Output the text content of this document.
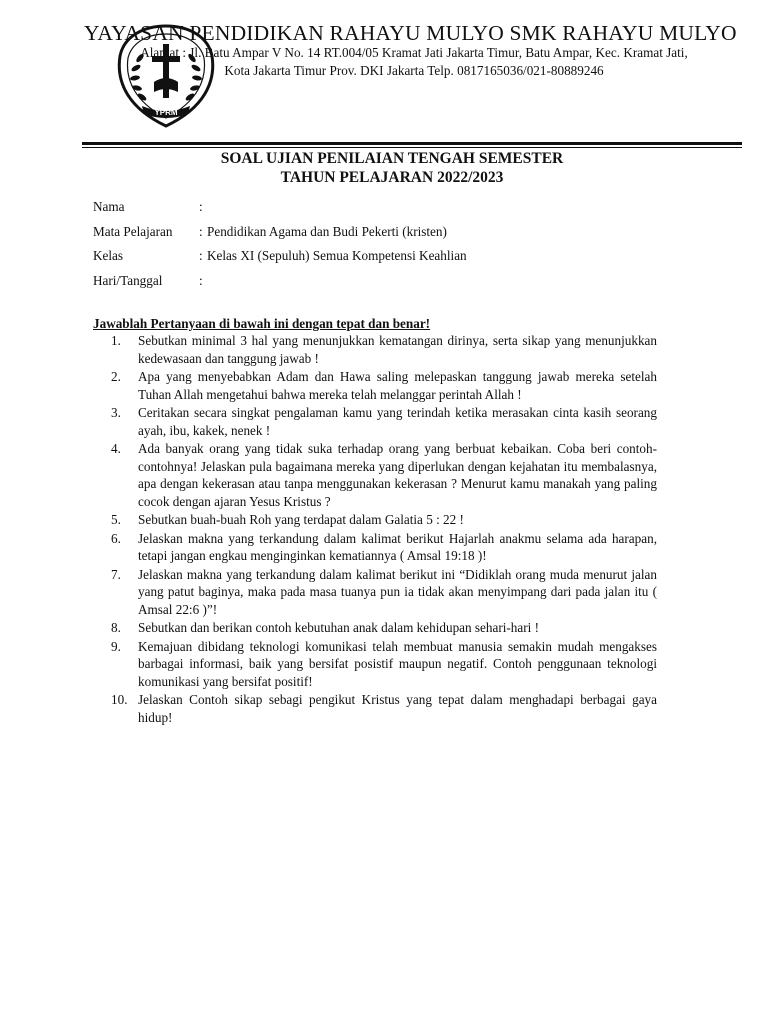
YPRM
YAYASAN PENDIDIKAN RAHAYU MULYO SMK RAHAYU MULYO
Alamat : Jl. Batu Ampar V No. 14 RT.004/05 Kramat Jati Jakarta Timur, Batu Ampar, Kec. Kramat Jati,
Kota Jakarta Timur Prov. DKI Jakarta Telp. 0817165036/021-80889246
SOAL UJIAN PENILAIAN TENGAH SEMESTER
TAHUN PELAJARAN 2022/2023
Nama	:
Mata Pelajaran	: Pendidikan Agama dan Budi Pekerti (kristen)
Kelas	: Kelas XI (Sepuluh) Semua Kompetensi Keahlian
Hari/Tanggal	:
Jawablah Pertanyaan di bawah ini dengan tepat dan benar!
1.	Sebutkan minimal 3 hal yang menunjukkan kematangan dirinya, serta sikap yang menunjukkan kedewasaan dan tanggung jawab !
2.	Apa yang menyebabkan Adam dan Hawa saling melepaskan tanggung jawab mereka setelah Tuhan Allah mengetahui bahwa mereka telah melanggar perintah Allah !
3.	Ceritakan secara singkat pengalaman kamu yang terindah ketika merasakan cinta kasih seorang ayah, ibu, kakek, nenek !
4.	Ada banyak orang yang tidak suka terhadap orang yang berbuat kebaikan. Coba beri contoh-contohnya! Jelaskan pula bagaimana mereka yang diperlukan dengan kejahatan itu membalasnya, apa dengan kekerasan atau tanpa menggunakan kekerasan ? Menurut kamu manakah yang paling cocok dengan ajaran Yesus Kristus ?
5.	Sebutkan buah-buah Roh yang terdapat dalam Galatia 5 : 22 !
6.	Jelaskan makna yang terkandung dalam kalimat berikut Hajarlah anakmu selama ada harapan, tetapi jangan engkau menginginkan kematiannya ( Amsal 19:18 )!
7.	Jelaskan makna yang terkandung dalam kalimat berikut ini “Didiklah orang muda menurut jalan yang patut baginya, maka pada masa tuanya pun ia tidak akan menyimpang dari pada jalan itu ( Amsal 22:6 )”!
8.	Sebutkan dan berikan contoh kebutuhan anak dalam kehidupan sehari-hari !
9.	Kemajuan dibidang teknologi komunikasi telah membuat manusia semakin mudah mengakses barbagai informasi, baik yang bersifat posistif maupun negatif. Contoh penggunaan teknologi komunikasi yang bersifat positif!
10. Jelaskan Contoh sikap sebagi pengikut Kristus yang tepat dalam menghadapi berbagai gaya hidup!
